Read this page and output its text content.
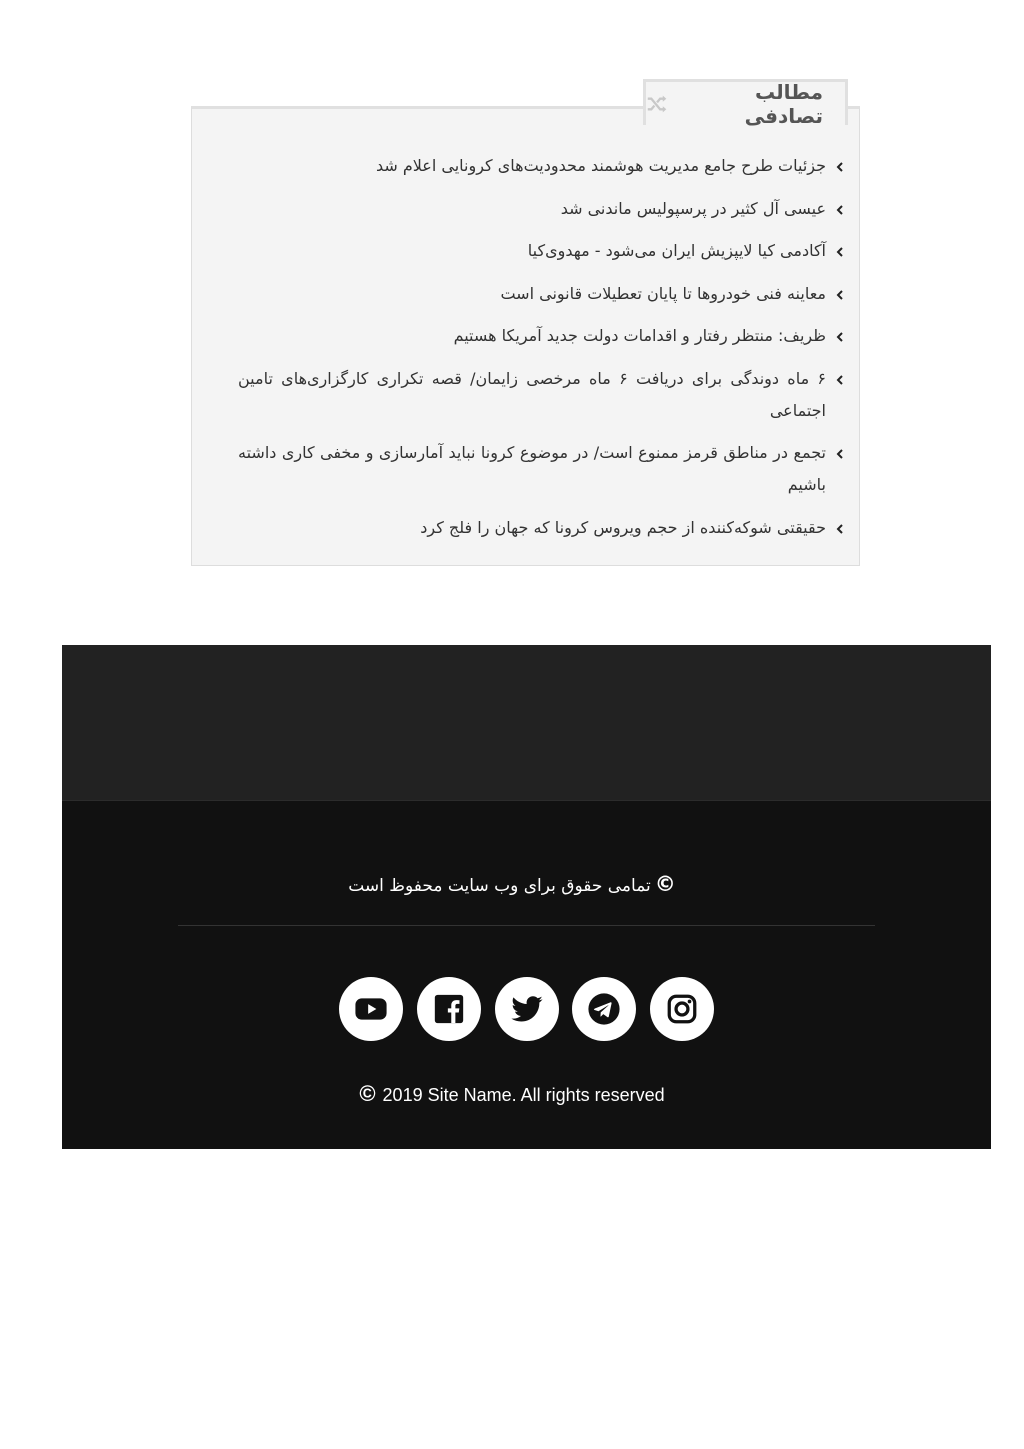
مطالب تصادفی
جزئیات طرح جامع مدیریت هوشمند محدودیت‌های کرونایی اعلام شد
عیسی آل کثیر در پرسپولیس ماندنی شد
آکادمی کیا لایپزیش ایران می‌شود - مهدوی‌کیا
معاینه فنی خودروها تا پایان تعطیلات قانونی است
ظریف: منتظر رفتار و اقدامات دولت جدید آمریکا هستیم
۶ ماه دوندگی برای دریافت ۶ ماه مرخصی زایمان/ قصه تکراری کارگزاری‌های تامین اجتماعی
تجمع در مناطق قرمز ممنوع است/ در موضوع کرونا نباید آمارسازی و مخفی کاری داشته باشیم
حقیقتی شوکه‌کننده از حجم ویروس کرونا که جهان را فلج کرد
©تمامی حقوق برای وب سایت محفوظ است
© 2019 Site Name. All rights reserved
